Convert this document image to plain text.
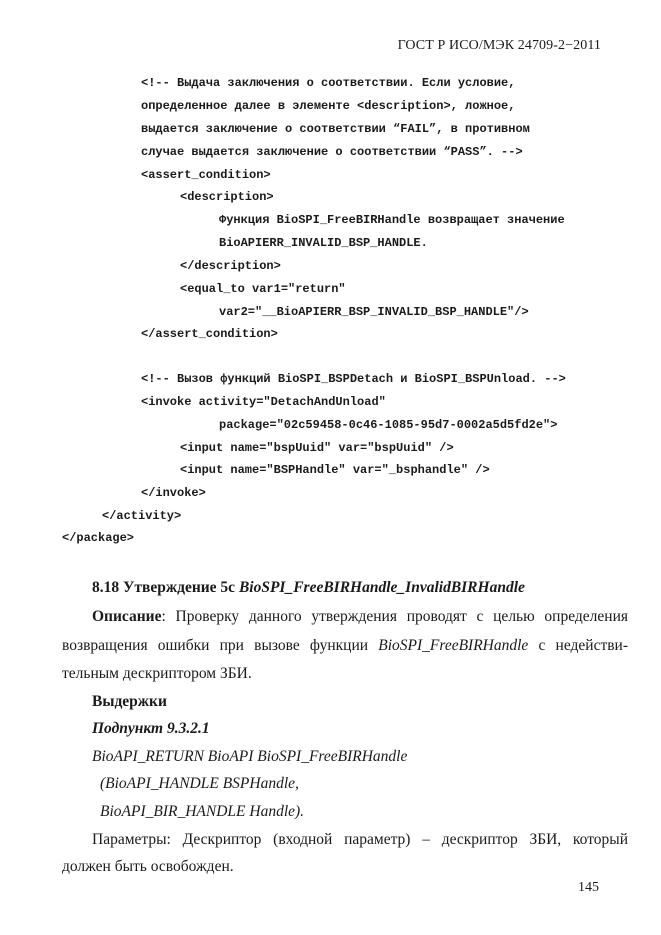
ГОСТ Р ИСО/МЭК 24709-2−2011
<!-- Выдача заключения о соответствии. Если условие,
определенное далее в элементе <description>, ложное,
выдается заключение о соответствии “FAIL”, в противном
случае выдается заключение о соответствии “PASS”. -->
<assert_condition>
<description>
Функция BioSPI_FreeBIRHandle возвращает значение
BioAPIERR_INVALID_BSP_HANDLE.
</description>
<equal_to var1="return"
var2="__BioAPIERR_BSP_INVALID_BSP_HANDLE"/>
</assert_condition>
<!-- Вызов функций BioSPI_BSPDetach и BioSPI_BSPUnload. -->
<invoke activity="DetachAndUnload"
package="02c59458-0c46-1085-95d7-0002a5d5fd2e">
<input name="bspUuid" var="bspUuid" />
<input name="BSPHandle" var="_bsphandle" />
</invoke>
</activity>
</package>
8.18 Утверждение 5с BioSPI_FreeBIRHandle_InvalidBIRHandle
Описание: Проверку данного утверждения проводят с целью определения
возвращения ошибки при вызове функции BioSPI_FreeBIRHandle с недействи-
тельным дескриптором ЗБИ.
Выдержки
Подпункт 9.3.2.1
BioAPI_RETURN BioAPI BioSPI_FreeBIRHandle
(BioAPI_HANDLE BSPHandle,
BioAPI_BIR_HANDLE Handle).
Параметры: Дескриптор (входной параметр) – дескриптор ЗБИ, который
должен быть освобожден.
145
